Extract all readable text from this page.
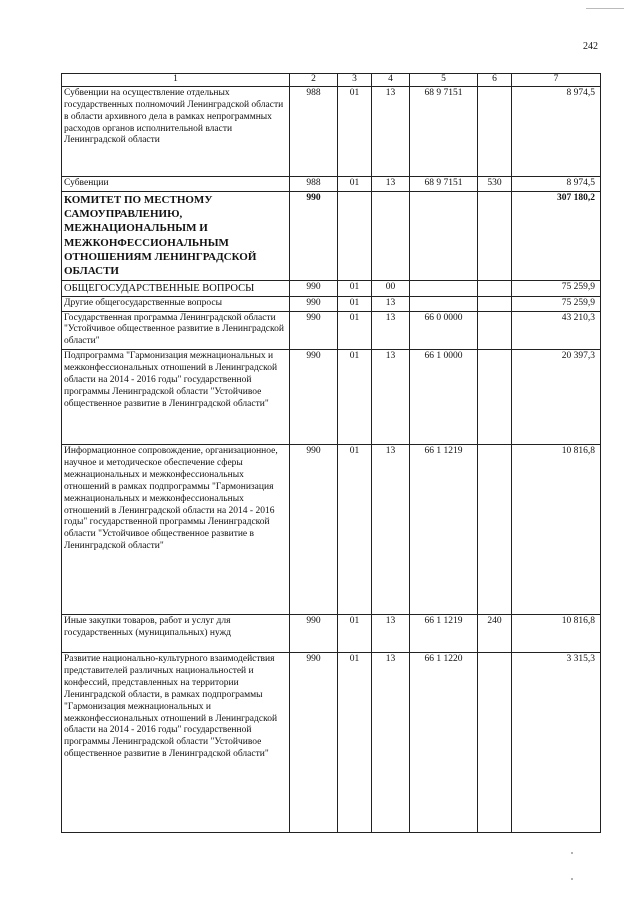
242
1	2	3	4	5	6	7
Субвенции на осуществление отдельных государственных полномочий Ленинградской области в области архивного дела в рамках непрограммных расходов органов исполнительной власти Ленинградской области	988	01	13	68 9 7151		8 974,5
Субвенции	988	01	13	68 9 7151	530	8 974,5
КОМИТЕТ ПО МЕСТНОМУ САМОУПРАВЛЕНИЮ, МЕЖНАЦИОНАЛЬНЫМ И МЕЖКОНФЕССИОНАЛЬНЫМ ОТНОШЕНИЯМ ЛЕНИНГРАДСКОЙ ОБЛАСТИ	990					307 180,2
ОБЩЕГОСУДАРСТВЕННЫЕ ВОПРОСЫ	990	01	00			75 259,9
Другие общегосударственные вопросы	990	01	13			75 259,9
Государственная программа Ленинградской области "Устойчивое общественное развитие в Ленинградской области"	990	01	13	66 0 0000		43 210,3
Подпрограмма "Гармонизация межнациональных и межконфессиональных отношений в Ленинградской области на 2014 - 2016 годы" государственной программы Ленинградской области "Устойчивое общественное развитие в Ленинградской области"	990	01	13	66 1 0000		20 397,3
Информационное сопровождение, организационное, научное и методическое обеспечение сферы межнациональных и межконфессиональных отношений в рамках подпрограммы "Гармонизация межнациональных и межконфессиональных отношений в Ленинградской области на 2014 - 2016 годы" государственной программы Ленинградской области "Устойчивое общественное развитие в Ленинградской области"	990	01	13	66 1 1219		10 816,8
Иные закупки товаров, работ и услуг для государственных (муниципальных) нужд	990	01	13	66 1 1219	240	10 816,8
Развитие национально-культурного взаимодействия представителей различных национальностей и конфессий, представленных на территории Ленинградской области, в рамках подпрограммы "Гармонизация межнациональных и межконфессиональных отношений в Ленинградской области на 2014 - 2016 годы" государственной программы Ленинградской области "Устойчивое общественное развитие в Ленинградской области"	990	01	13	66 1 1220		3 315,3
